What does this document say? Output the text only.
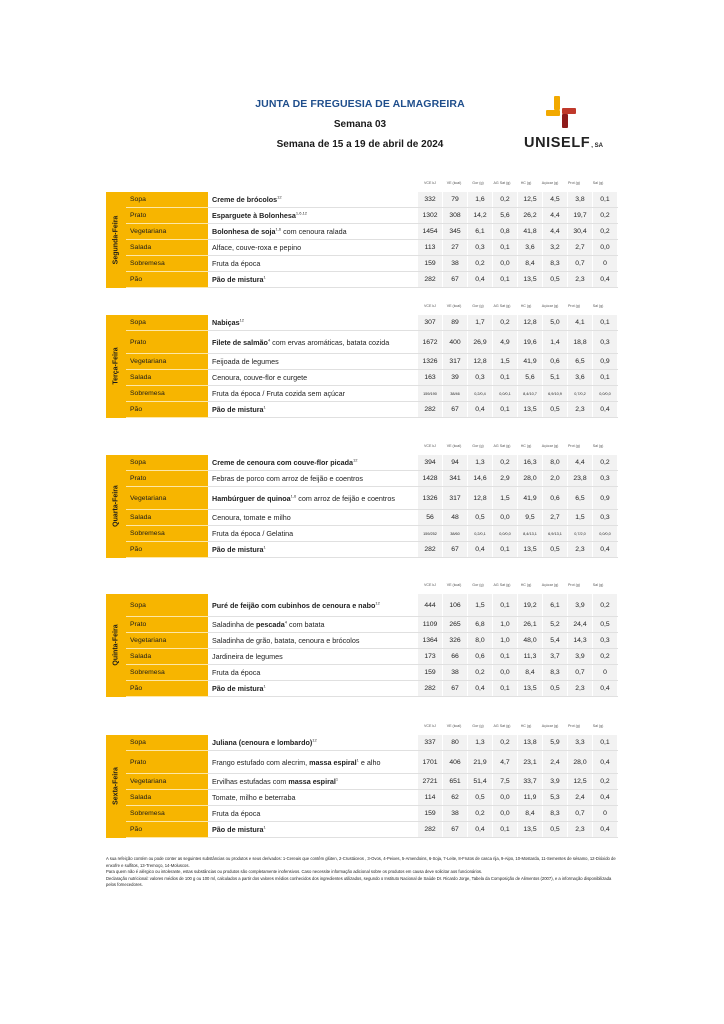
JUNTA DE FREGUESIA DE ALMAGREIRA
Semana 03
Semana de 15 a 19 de abril de 2024	UNISELF, SA
VCE kJ	VE (kcal)	Gor (g)	AG Sat (g)	HC (g)	Açúcar (g)	Prot (g)	Sal (g)
Segunda-Feira	Sopa	Creme de brócolos$^{12}$	332	79	1,6	0,2	12,5	4,5	3,8	0,1
	Prato	Esparguete à Bolonhesa$^{1,6,12}$	1302	308	14,2	5,6	26,2	4,4	19,7	0,2
	Vegetariana	Bolonhesa de soja$^{1,6}$ com cenoura ralada	1454	345	6,1	0,8	41,8	4,4	30,4	0,2
	Salada	Alface, couve-roxa e pepino	113	27	0,3	0,1	3,6	3,2	2,7	0,0
	Sobremesa	Fruta da época	159	38	0,2	0,0	8,4	8,3	0,7	0
	Pão	Pão de mistura$^1$	282	67	0,4	0,1	13,5	0,5	2,3	0,4
VCE kJ	VE (kcal)	Gor (g)	AG Sat (g)	HC (g)	Açúcar (g)	Prot (g)	Sal (g)
Terça-Feira	Sopa	Nabiças$^{12}$	307	89	1,7	0,2	12,8	5,0	4,1	0,1
	Prato	Filete de salmão$^4$ com ervas aromáticas, batata cozida	1672	400	26,9	4,9	19,6	1,4	18,8	0,3
	Vegetariana	Feijoada de legumes	1326	317	12,8	1,5	41,9	0,6	6,5	0,9
	Salada	Cenoura, couve-flor e curgete	163	39	0,3	0,1	5,6	5,1	3,6	0,1
	Sobremesa	Fruta da época / Fruta cozida sem açúcar	159/190	38/46	0,2/0,4	0,0/0,1	8,4/10,7	6,9/10,9	0,7/0,2	0,0/0,0
	Pão	Pão de mistura$^1$	282	67	0,4	0,1	13,5	0,5	2,3	0,4
VCE kJ	VE (kcal)	Gor (g)	AG Sat (g)	HC (g)	Açúcar (g)	Prot (g)	Sal (g)
Quarta-Feira	Sopa	Creme de cenoura com couve-flor picada$^{12}$	394	94	1,3	0,2	16,3	8,0	4,4	0,2
	Prato	Febras de porco com arroz de feijão e coentros	1428	341	14,6	2,9	28,0	2,0	23,8	0,3
	Vegetariana	Hambúrguer de quinoa$^{1,6}$ com arroz de feijão e coentros	1326	317	12,8	1,5	41,9	0,6	6,5	0,9
	Salada	Cenoura, tomate e milho	56	48	0,5	0,0	9,5	2,7	1,5	0,3
	Sobremesa	Fruta da época / Gelatina	159/252	38/60	0,2/0,1	0,0/0,0	8,4/13,1	6,9/13,1	0,7/2,0	0,0/0,0
	Pão	Pão de mistura$^1$	282	67	0,4	0,1	13,5	0,5	2,3	0,4
VCE kJ	VE (kcal)	Gor (g)	AG Sat (g)	HC (g)	Açúcar (g)	Prot (g)	Sal (g)
Quinta-Feira	Sopa	Puré de feijão com cubinhos de cenoura e nabo$^{12}$	444	106	1,5	0,1	19,2	6,1	3,9	0,2
	Prato	Saladinha de pescada$^4$ com batata	1109	265	6,8	1,0	26,1	5,2	24,4	0,5
	Vegetariana	Saladinha de grão, batata, cenoura e brócolos	1364	326	8,0	1,0	48,0	5,4	14,3	0,3
	Salada	Jardineira de legumes	173	66	0,6	0,1	11,3	3,7	3,9	0,2
	Sobremesa	Fruta da época	159	38	0,2	0,0	8,4	8,3	0,7	0
	Pão	Pão de mistura$^1$	282	67	0,4	0,1	13,5	0,5	2,3	0,4
VCE kJ	VE (kcal)	Gor (g)	AG Sat (g)	HC (g)	Açúcar (g)	Prot (g)	Sal (g)
Sexta-Feira	Sopa	Juliana (cenoura e lombardo)$^{12}$	337	80	1,3	0,2	13,8	5,9	3,3	0,1
	Prato	Frango estufado com alecrim, massa espiral$^1$ e alho	1701	406	21,9	4,7	23,1	2,4	28,0	0,4
	Vegetariana	Ervilhas estufadas com massa espiral$^1$	2721	651	51,4	7,5	33,7	3,9	12,5	0,2
	Salada	Tomate, milho e beterraba	114	62	0,5	0,0	11,9	5,3	2,4	0,4
	Sobremesa	Fruta da época	159	38	0,2	0,0	8,4	8,3	0,7	0
	Pão	Pão de mistura$^1$	282	67	0,4	0,1	13,5	0,5	2,3	0,4

A sua refeição contém ou pode conter as seguintes substâncias ou produtos e seus derivados: 1-Cereais que contêm glúten, 2-Crustáceos , 3-Ovos, 4-Peixes, 5-Amendoins, 6-Soja, 7-Leite, 8-Frutos de casca rija, 9-Aipo, 10-Mostarda, 11-Sementes de sésamo, 12-Dióxido de enxofre e sulfitos, 13-Tremoço, 14-Moluscos.

Para quem não é alérgico ou intolerante, estas substâncias ou produtos são completamente inofensivos. Caso necessite informação adicional sobre os produtos em causa deve solicitar aos funcionários.

Declaração nutricional: valores médios de 100 g ou 100 ml, calculados a partir dos valores médios conhecidos dos ingredientes utilizados, segundo o Instituto Nacional de Saúde Dr. Ricardo Jorge, Tabela da Composição de Alimentos (2007), e a informação disponibilizada pelos fornecedores.
